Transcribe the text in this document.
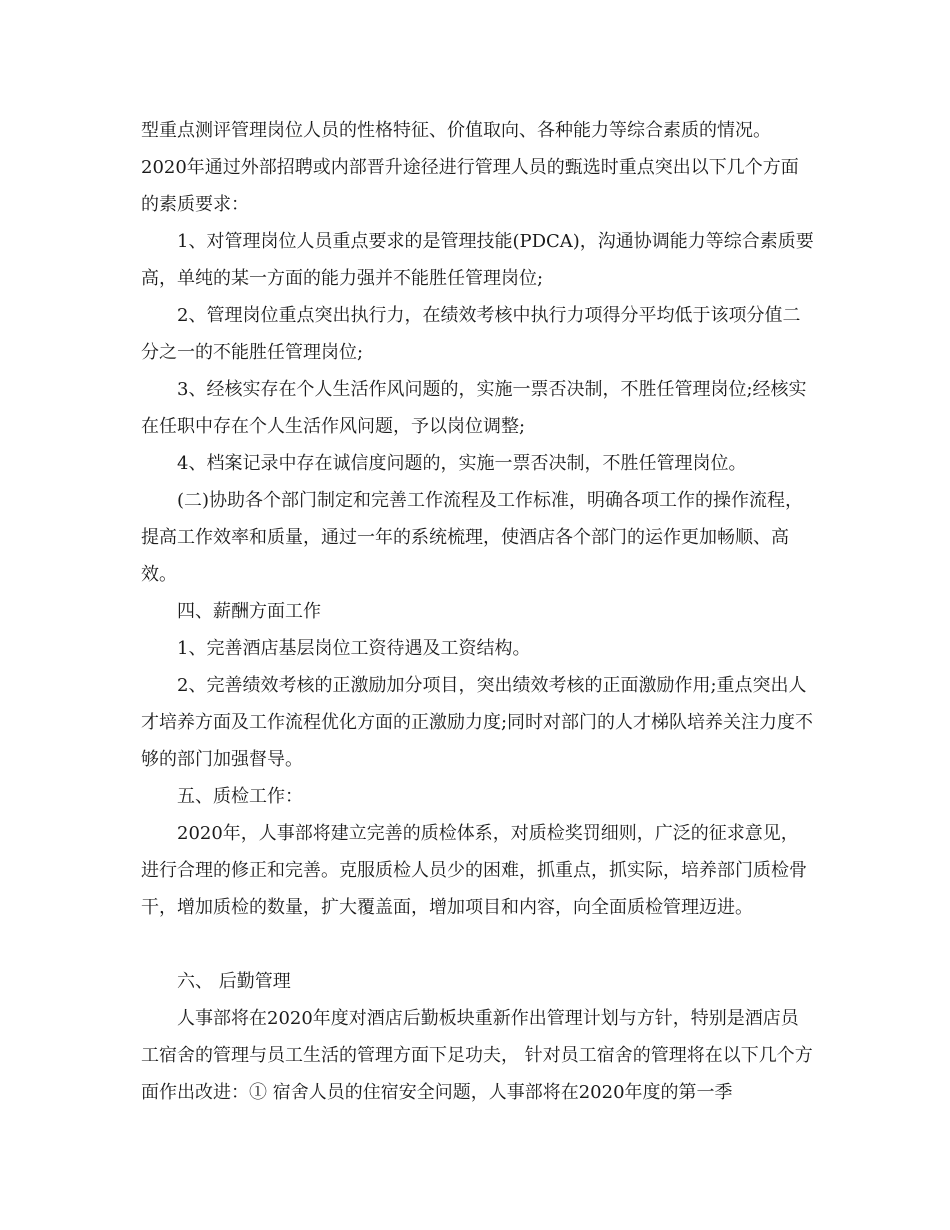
型重点测评管理岗位人员的性格特征、价值取向、各种能力等综合素质的情况。2020年通过外部招聘或内部晋升途径进行管理人员的甄选时重点突出以下几个方面的素质要求：

1、对管理岗位人员重点要求的是管理技能(PDCA)，沟通协调能力等综合素质要高，单纯的某一方面的能力强并不能胜任管理岗位;

2、管理岗位重点突出执行力，在绩效考核中执行力项得分平均低于该项分值二分之一的不能胜任管理岗位;

3、经核实存在个人生活作风问题的，实施一票否决制，不胜任管理岗位;经核实在任职中存在个人生活作风问题，予以岗位调整;

4、档案记录中存在诚信度问题的，实施一票否决制，不胜任管理岗位。

(二)协助各个部门制定和完善工作流程及工作标准，明确各项工作的操作流程，提高工作效率和质量，通过一年的系统梳理，使酒店各个部门的运作更加畅顺、高效。

四、薪酬方面工作

1、完善酒店基层岗位工资待遇及工资结构。

2、完善绩效考核的正激励加分项目，突出绩效考核的正面激励作用;重点突出人才培养方面及工作流程优化方面的正激励力度;同时对部门的人才梯队培养关注力度不够的部门加强督导。

五、质检工作：

2020年，人事部将建立完善的质检体系，对质检奖罚细则，广泛的征求意见，进行合理的修正和完善。克服质检人员少的困难，抓重点，抓实际，培养部门质检骨干，增加质检的数量，扩大覆盖面，增加项目和内容，向全面质检管理迈进。

六、 后勤管理

人事部将在2020年度对酒店后勤板块重新作出管理计划与方针，特别是酒店员工宿舍的管理与员工生活的管理方面下足功夫， 针对员工宿舍的管理将在以下几个方面作出改进：① 宿舍人员的住宿安全问题，人事部将在2020年度的第一季
